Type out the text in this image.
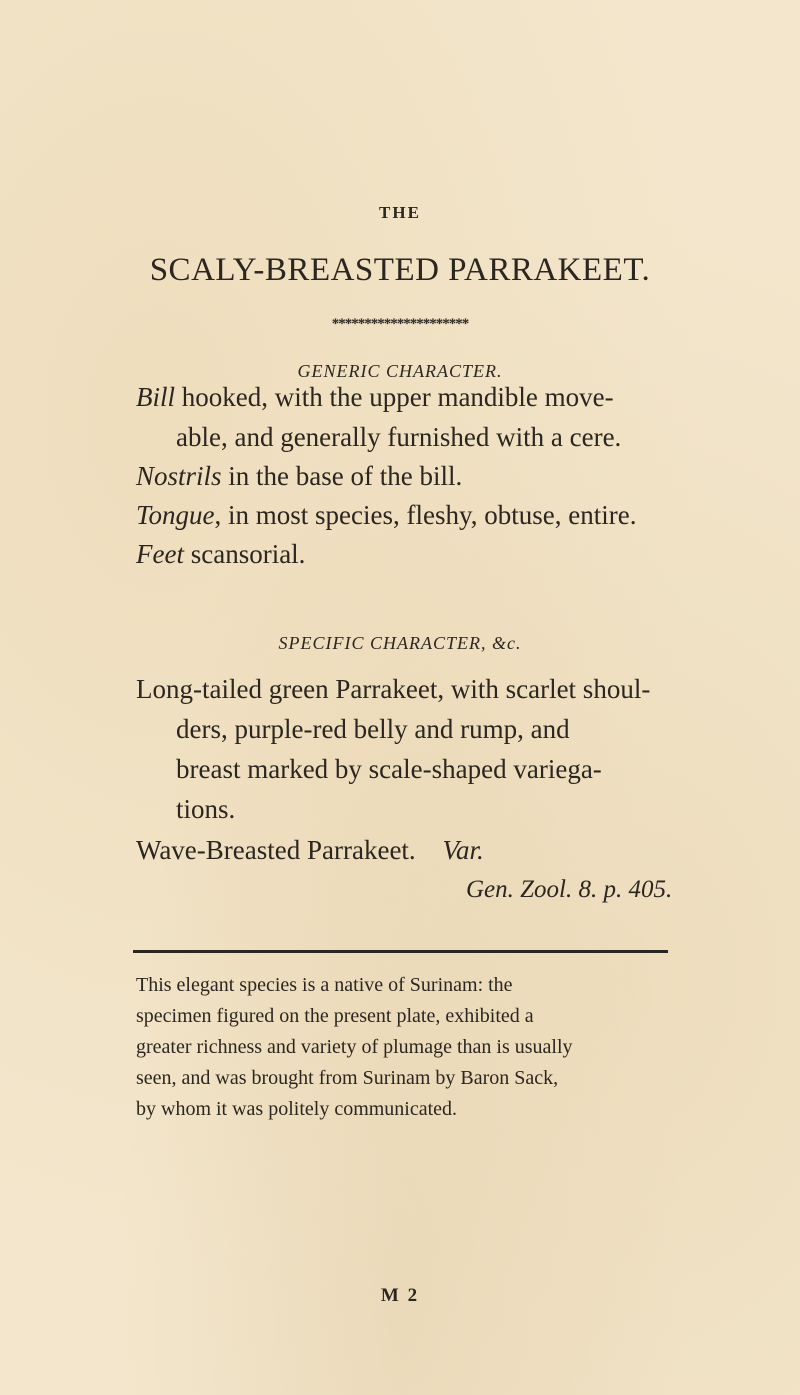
THE
SCALY-BREASTED PARRAKEET.
*********************
GENERIC CHARACTER.
Bill hooked, with the upper mandible move-
able, and generally furnished with a cere.
Nostrils in the base of the bill.
Tongue, in most species, fleshy, obtuse, entire.
Feet scansorial.
SPECIFIC CHARACTER, &c.
Long-tailed green Parrakeet, with scarlet shoul-
ders, purple-red belly and rump, and
breast marked by scale-shaped variega-
tions.
Wave-Breasted Parrakeet. Var.
Gen. Zool. 8. p. 405.
This elegant species is a native of Surinam: the
specimen figured on the present plate, exhibited a
greater richness and variety of plumage than is usually
seen, and was brought from Surinam by Baron Sack,
by whom it was politely communicated.
M 2
